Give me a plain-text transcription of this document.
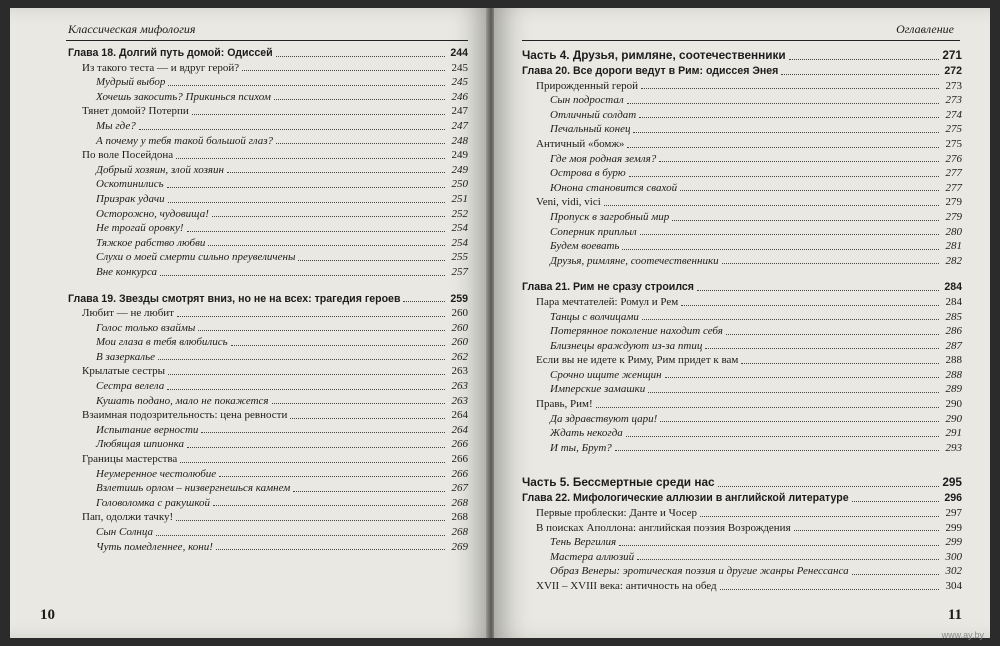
Классическая мифология
Глава 18. Долгий путь домой: Одиссей	244
Из такого теста — и вдруг герой?	245
Мудрый выбор	245
Хочешь закосить? Прикинься психом	246
Тянет домой? Потерпи	247
Мы где?	247
А почему у тебя такой большой глаз?	248
По воле Посейдона	249
Добрый хозяин, злой хозяин	249
Оскотинились	250
Призрак удачи	251
Осторожно, чудовища!	252
Не трогай оровку!	254
Тяжкое рабство любви	254
Слухи о моей смерти сильно преувеличены	255
Вне конкурса	257
Глава 19. Звезды смотрят вниз, но не на всех: трагедия героев	259
Любит — не любит	260
Голос только взаймы	260
Мои глаза в тебя влюбились	260
В зазеркалье	262
Крылатые сестры	263
Сестра велела	263
Кушать подано, мало не покажется	263
Взаимная подозрительность: цена ревности	264
Испытание верности	264
Любящая шпионка	266
Границы мастерства	266
Неумеренное честолюбие	266
Взлетишь орлом – низвергнешься камнем	267
Головоломка с ракушкой	268
Пап, одолжи тачку!	268
Сын Солнца	268
Чуть помедленнее, кони!	269
10
Оглавление
Часть 4. Друзья, римляне, соотечественники	271
Глава 20. Все дороги ведут в Рим: одиссея Энея	272
Прирожденный герой	273
Сын подростал	273
Отличный солдат	274
Печальный конец	275
Античный «бомж»	275
Где моя родная земля?	276
Острова в бурю	277
Юнона становится свахой	277
Veni, vidi, vici	279
Пропуск в загробный мир	279
Соперник приплыл	280
Будем воевать	281
Друзья, римляне, соотечественники	282
Глава 21. Рим не сразу строился	284
Пара мечтателей: Ромул и Рем	284
Танцы с волчицами	285
Потерянное поколение находит себя	286
Близнецы враждуют из-за птиц	287
Если вы не идете к Риму, Рим придет к вам	288
Срочно ищите женщин	288
Имперские замашки	289
Правь, Рим!	290
Да здравствуют цари!	290
Ждать некогда	291
И ты, Брут?	293
Часть 5. Бессмертные среди нас	295
Глава 22. Мифологические аллюзии в английской литературе	296
Первые проблески: Данте и Чосер	297
В поисках Аполлона: английская поэзия Возрождения	299
Тень Вергилия	299
Мастера аллюзий	300
Образ Венеры: эротическая поэзия и другие жанры Ренессанса	302
XVII – XVIII века: античность на обед	304
11
www.ay.by
